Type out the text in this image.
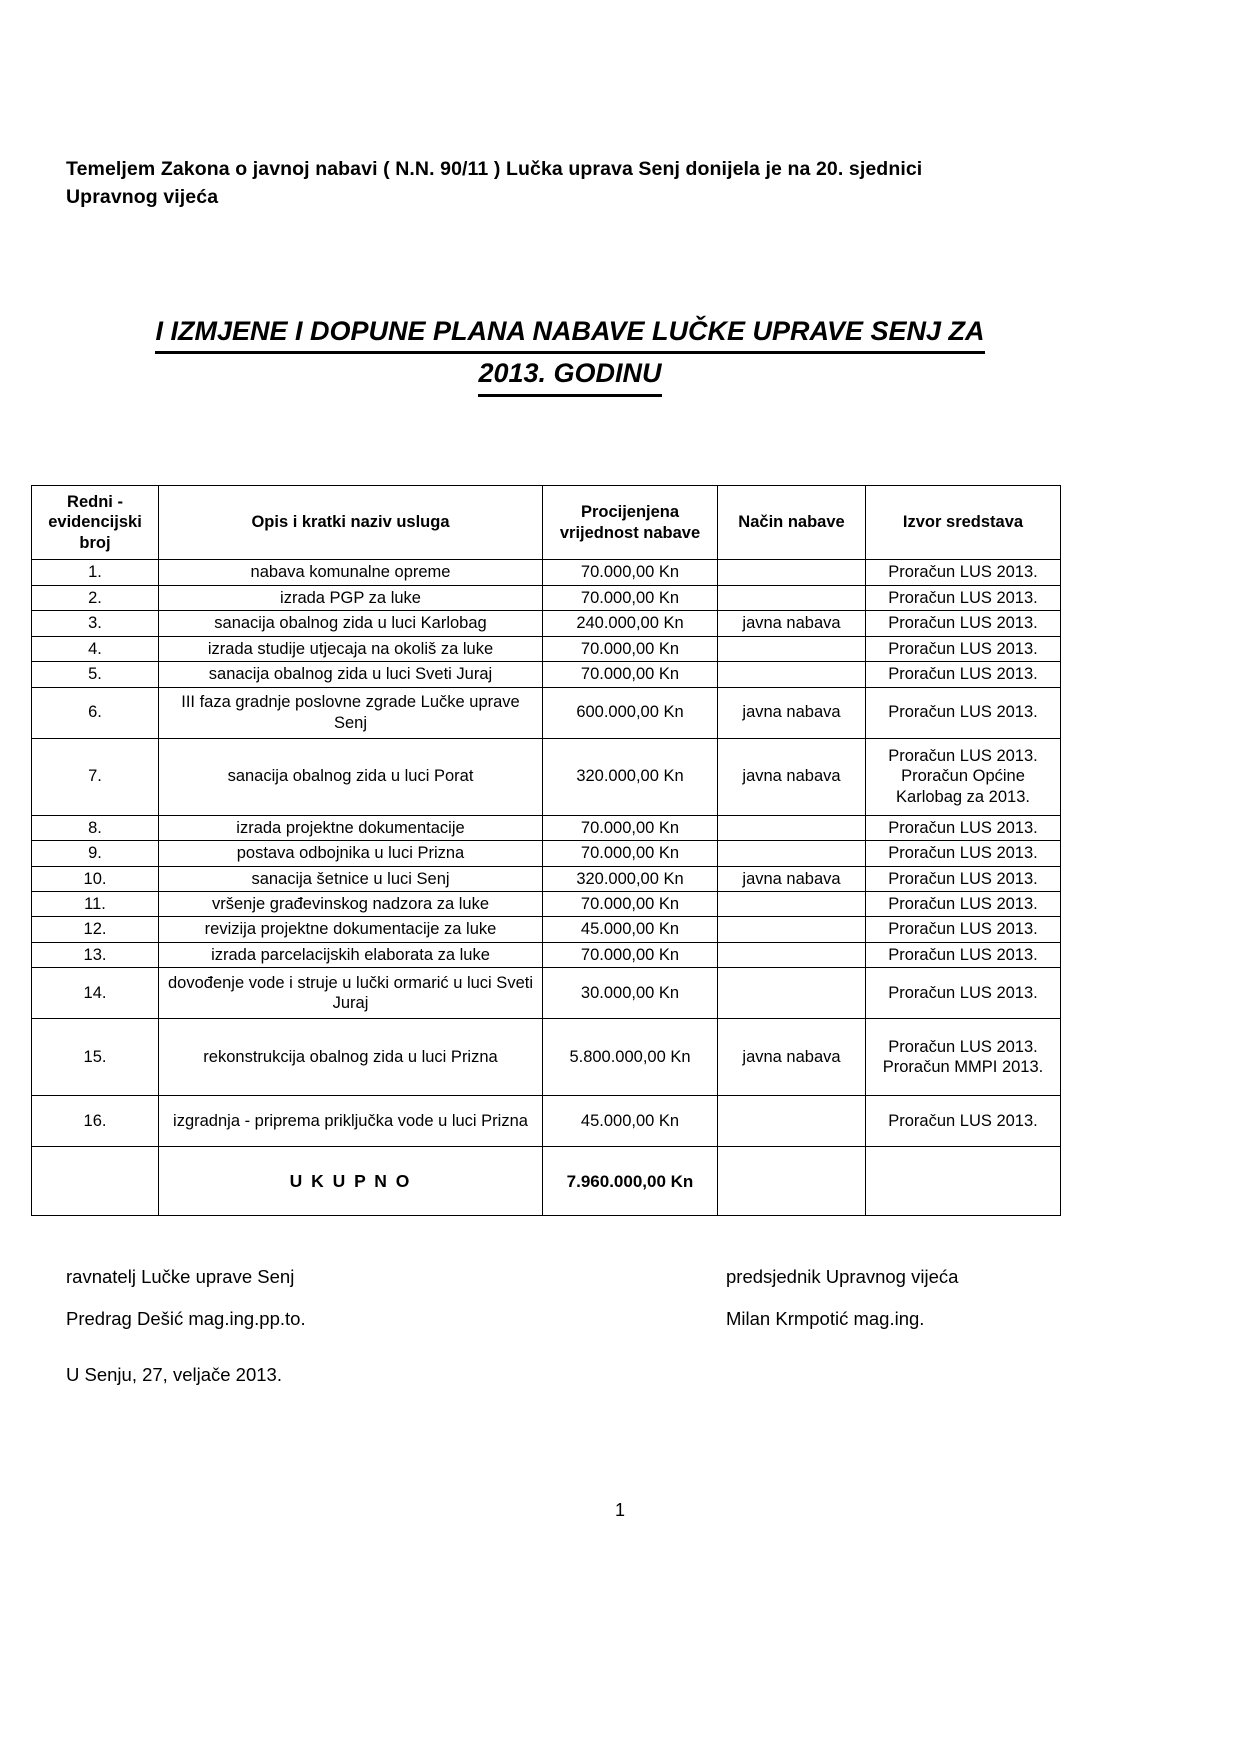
Temeljem Zakona o javnoj nabavi ( N.N. 90/11 ) Lučka uprava Senj donijela je na 20. sjednici Upravnog vijeća
I IZMJENE I DOPUNE PLANA NABAVE LUČKE UPRAVE SENJ ZA
2013. GODINU
Redni - evidencijski broj	Opis i kratki naziv usluga	Procijenjena vrijednost nabave	Način nabave	Izvor sredstava
1.	nabava komunalne opreme	70.000,00 Kn		Proračun LUS 2013.
2.	izrada PGP za luke	70.000,00 Kn		Proračun LUS 2013.
3.	sanacija obalnog zida u luci Karlobag	240.000,00 Kn	javna nabava	Proračun LUS 2013.
4.	izrada studije utjecaja na okoliš za luke	70.000,00 Kn		Proračun LUS 2013.
5.	sanacija obalnog zida u luci Sveti Juraj	70.000,00 Kn		Proračun LUS 2013.
6.	III faza gradnje poslovne zgrade Lučke uprave Senj	600.000,00 Kn	javna nabava	Proračun LUS 2013.
7.	sanacija obalnog zida u luci Porat	320.000,00 Kn	javna nabava	Proračun LUS 2013. Proračun Općine Karlobag za 2013.
8.	izrada projektne dokumentacije	70.000,00 Kn		Proračun LUS 2013.
9.	postava odbojnika u luci Prizna	70.000,00 Kn		Proračun LUS 2013.
10.	sanacija šetnice u luci Senj	320.000,00 Kn	javna nabava	Proračun LUS 2013.
11.	vršenje građevinskog nadzora za luke	70.000,00 Kn		Proračun LUS 2013.
12.	revizija projektne dokumentacije za luke	45.000,00 Kn		Proračun LUS 2013.
13.	izrada parcelacijskih elaborata za luke	70.000,00 Kn		Proračun LUS 2013.
14.	dovođenje vode i struje u lučki ormarić u luci Sveti Juraj	30.000,00 Kn		Proračun LUS 2013.
15.	rekonstrukcija obalnog zida u luci Prizna	5.800.000,00 Kn	javna nabava	Proračun LUS 2013. Proračun MMPI 2013.
16.	izgradnja - priprema priključka vode u luci Prizna	45.000,00 Kn		Proračun LUS 2013.
	U K U P N O	7.960.000,00 Kn		
ravnatelj Lučke uprave Senj
Predrag Dešić mag.ing.pp.to.
predsjednik Upravnog vijeća
Milan Krmpotić mag.ing.
U Senju, 27, veljače 2013.
1
